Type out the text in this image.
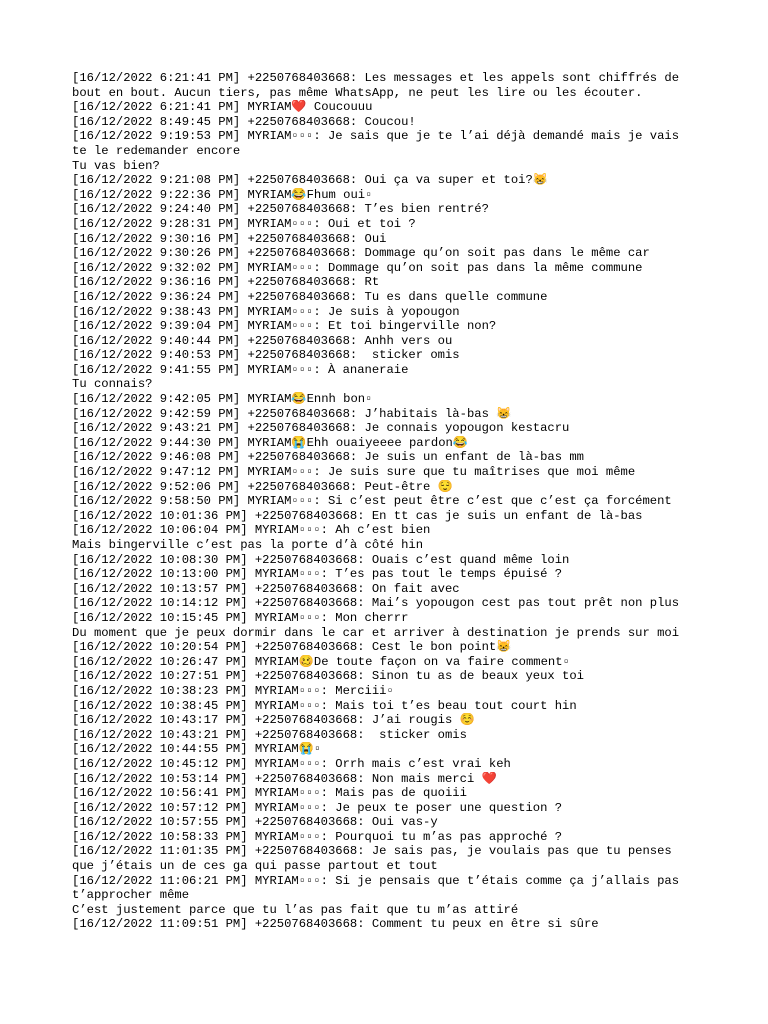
[16/12/2022 6:21:41 PM] +2250768403668: Les messages et les appels sont chiffrés de
bout en bout. Aucun tiers, pas même WhatsApp, ne peut les lire ou les écouter.
[16/12/2022 6:21:41 PM] MYRIAM❤️ Coucouuu
[16/12/2022 8:49:45 PM] +2250768403668: Coucou!
[16/12/2022 9:19:53 PM] MYRIAM▫▫▫: Je sais que je te l’ai déjà demandé mais je vais
te le redemander encore
Tu vas bien?
[16/12/2022 9:21:08 PM] +2250768403668: Oui ça va super et toi?😸
[16/12/2022 9:22:36 PM] MYRIAM😂Fhum oui▫
[16/12/2022 9:24:40 PM] +2250768403668: T’es bien rentré?
[16/12/2022 9:28:31 PM] MYRIAM▫▫▫: Oui et toi ?
[16/12/2022 9:30:16 PM] +2250768403668: Oui
[16/12/2022 9:30:26 PM] +2250768403668: Dommage qu’on soit pas dans le même car
[16/12/2022 9:32:02 PM] MYRIAM▫▫▫: Dommage qu’on soit pas dans la même commune
[16/12/2022 9:36:16 PM] +2250768403668: Rt
[16/12/2022 9:36:24 PM] +2250768403668: Tu es dans quelle commune
[16/12/2022 9:38:43 PM] MYRIAM▫▫▫: Je suis à yopougon
[16/12/2022 9:39:04 PM] MYRIAM▫▫▫: Et toi bingerville non?
[16/12/2022 9:40:44 PM] +2250768403668: Anhh vers ou
[16/12/2022 9:40:53 PM] +2250768403668:  sticker omis
[16/12/2022 9:41:55 PM] MYRIAM▫▫▫: À ananeraie
Tu connais?
[16/12/2022 9:42:05 PM] MYRIAM😂Ennh bon▫
[16/12/2022 9:42:59 PM] +2250768403668: J’habitais là-bas 😸
[16/12/2022 9:43:21 PM] +2250768403668: Je connais yopougon kestacru
[16/12/2022 9:44:30 PM] MYRIAM😭Ehh ouaiyeeee pardon😂
[16/12/2022 9:46:08 PM] +2250768403668: Je suis un enfant de là-bas mm
[16/12/2022 9:47:12 PM] MYRIAM▫▫▫: Je suis sure que tu maîtrises que moi même
[16/12/2022 9:52:06 PM] +2250768403668: Peut-être 😌
[16/12/2022 9:58:50 PM] MYRIAM▫▫▫: Si c’est peut être c’est que c’est ça forcément
[16/12/2022 10:01:36 PM] +2250768403668: En tt cas je suis un enfant de là-bas
[16/12/2022 10:06:04 PM] MYRIAM▫▫▫: Ah c’est bien
Mais bingerville c’est pas la porte d’à côté hin
[16/12/2022 10:08:30 PM] +2250768403668: Ouais c’est quand même loin
[16/12/2022 10:13:00 PM] MYRIAM▫▫▫: T’es pas tout le temps épuisé ?
[16/12/2022 10:13:57 PM] +2250768403668: On fait avec
[16/12/2022 10:14:12 PM] +2250768403668: Mai’s yopougon cest pas tout prêt non plus
[16/12/2022 10:15:45 PM] MYRIAM▫▫▫: Mon cherrr
Du moment que je peux dormir dans le car et arriver à destination je prends sur moi
[16/12/2022 10:20:54 PM] +2250768403668: Cest le bon point😸
[16/12/2022 10:26:47 PM] MYRIAM🥴De toute façon on va faire comment▫
[16/12/2022 10:27:51 PM] +2250768403668: Sinon tu as de beaux yeux toi
[16/12/2022 10:38:23 PM] MYRIAM▫▫▫: Merciii▫
[16/12/2022 10:38:45 PM] MYRIAM▫▫▫: Mais toi t’es beau tout court hin
[16/12/2022 10:43:17 PM] +2250768403668: J’ai rougis ☺️
[16/12/2022 10:43:21 PM] +2250768403668:  sticker omis
[16/12/2022 10:44:55 PM] MYRIAM😭▫
[16/12/2022 10:45:12 PM] MYRIAM▫▫▫: Orrh mais c’est vrai keh
[16/12/2022 10:53:14 PM] +2250768403668: Non mais merci ❤️
[16/12/2022 10:56:41 PM] MYRIAM▫▫▫: Mais pas de quoiii
[16/12/2022 10:57:12 PM] MYRIAM▫▫▫: Je peux te poser une question ?
[16/12/2022 10:57:55 PM] +2250768403668: Oui vas-y
[16/12/2022 10:58:33 PM] MYRIAM▫▫▫: Pourquoi tu m’as pas approché ?
[16/12/2022 11:01:35 PM] +2250768403668: Je sais pas, je voulais pas que tu penses
que j’étais un de ces ga qui passe partout et tout
[16/12/2022 11:06:21 PM] MYRIAM▫▫▫: Si je pensais que t’étais comme ça j’allais pas
t’approcher même
C’est justement parce que tu l’as pas fait que tu m’as attiré
[16/12/2022 11:09:51 PM] +2250768403668: Comment tu peux en être si sûre
